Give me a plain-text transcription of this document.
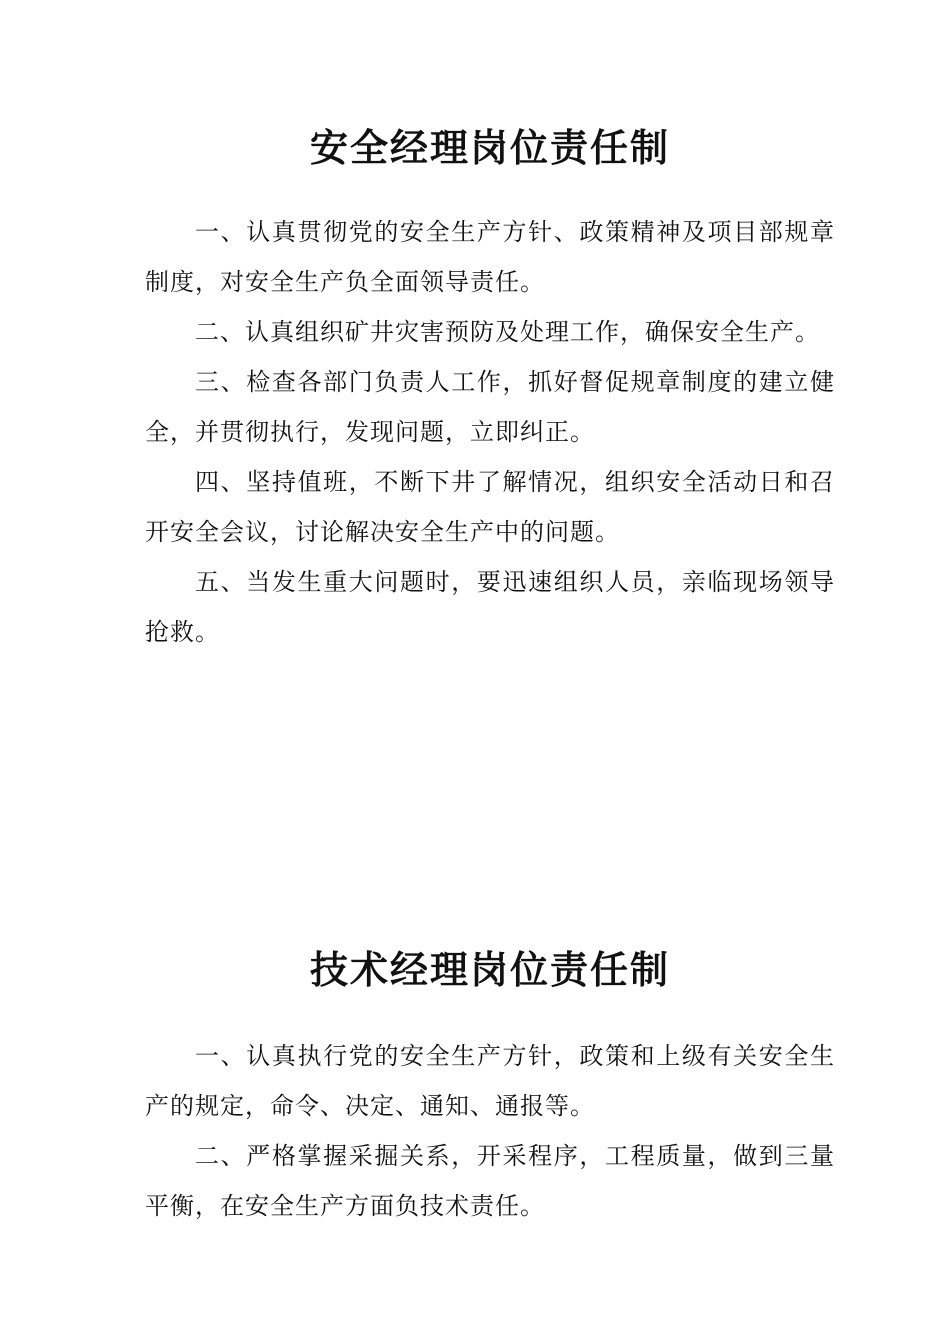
安全经理岗位责任制

一、认真贯彻党的安全生产方针、政策精神及项目部规章制度，对安全生产负全面领导责任。

二、认真组织矿井灾害预防及处理工作，确保安全生产。

三、检查各部门负责人工作，抓好督促规章制度的建立健全，并贯彻执行，发现问题，立即纠正。

四、坚持值班，不断下井了解情况，组织安全活动日和召开安全会议，讨论解决安全生产中的问题。

五、当发生重大问题时，要迅速组织人员，亲临现场领导抢救。

技术经理岗位责任制

一、认真执行党的安全生产方针，政策和上级有关安全生产的规定，命令、决定、通知、通报等。

二、严格掌握采掘关系，开采程序，工程质量，做到三量平衡，在安全生产方面负技术责任。
